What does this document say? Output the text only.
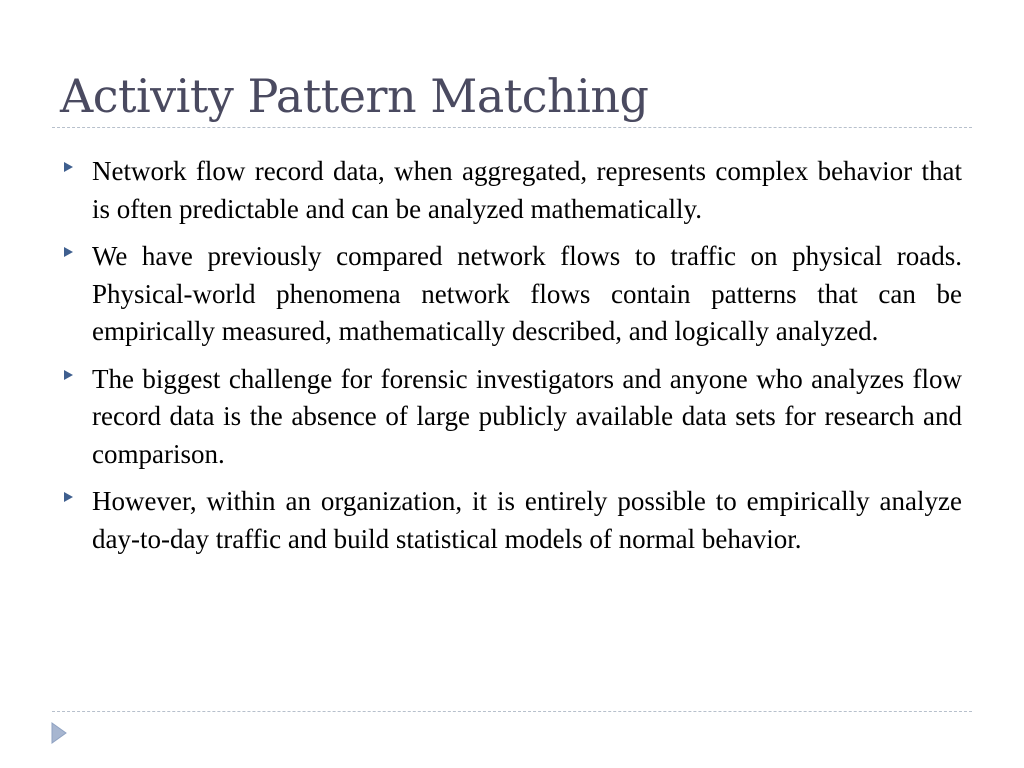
Activity Pattern Matching
Network flow record data, when aggregated, represents complex behavior that is often predictable and can be analyzed mathematically.
We have previously compared network flows to traffic on physical roads. Physical-world phenomena network flows contain patterns that can be empirically measured, mathematically described, and logically analyzed.
The biggest challenge for forensic investigators and anyone who analyzes flow record data is the absence of large publicly available data sets for research and comparison.
However, within an organization, it is entirely possible to empirically analyze day-to-day traffic and build statistical models of normal behavior.
